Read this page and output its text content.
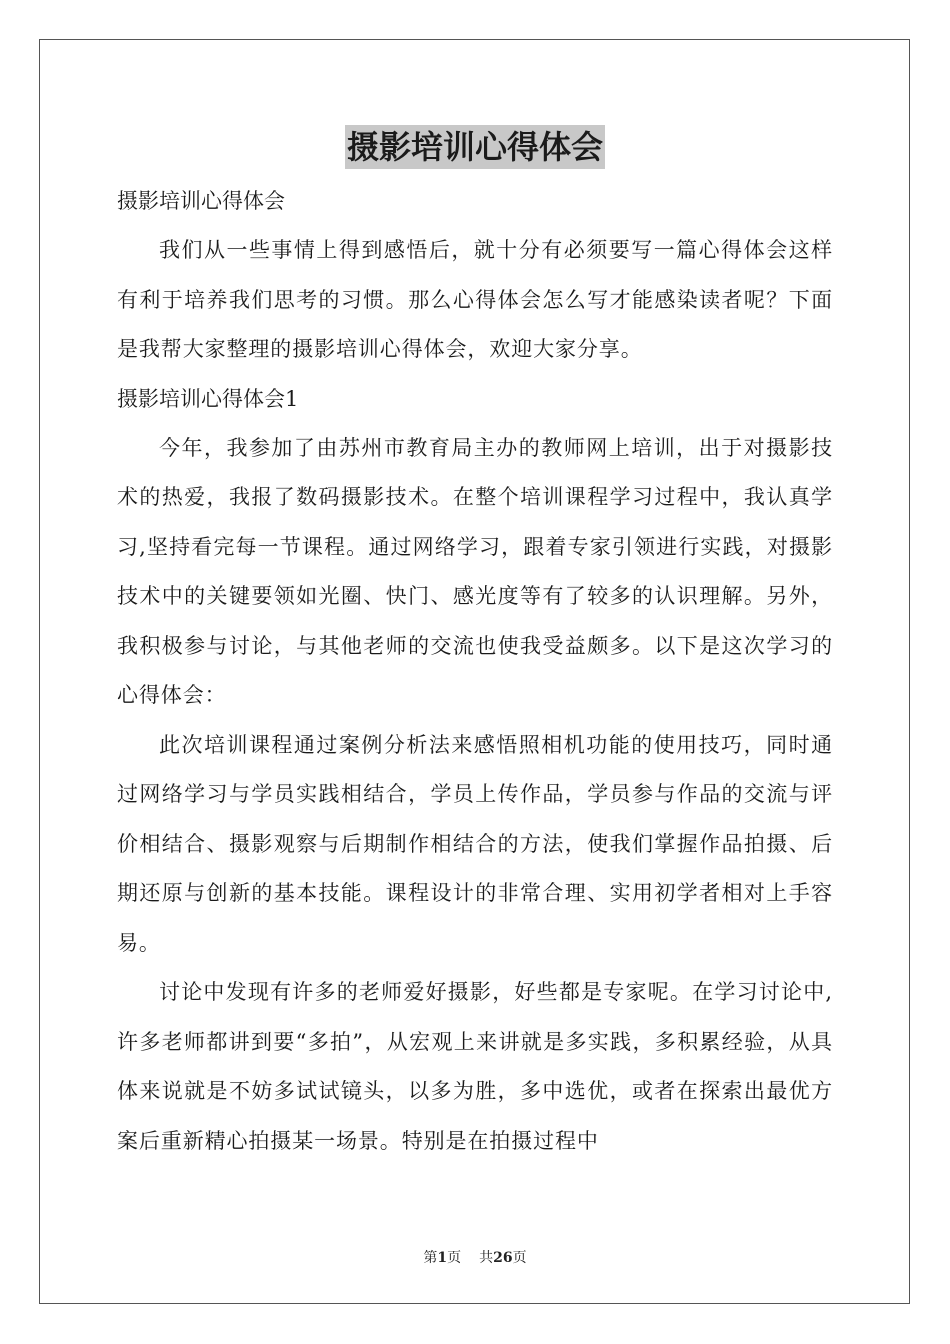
摄影培训心得体会

摄影培训心得体会

我们从一些事情上得到感悟后，就十分有必须要写一篇心得体会这样有利于培养我们思考的习惯。那么心得体会怎么写才能感染读者呢？下面是我帮大家整理的摄影培训心得体会，欢迎大家分享。

摄影培训心得体会1

今年，我参加了由苏州市教育局主办的教师网上培训，出于对摄影技术的热爱，我报了数码摄影技术。在整个培训课程学习过程中，我认真学习,坚持看完每一节课程。通过网络学习，跟着专家引领进行实践，对摄影技术中的关键要领如光圈、快门、感光度等有了较多的认识理解。另外，我积极参与讨论，与其他老师的交流也使我受益颇多。以下是这次学习的心得体会：

此次培训课程通过案例分析法来感悟照相机功能的使用技巧，同时通过网络学习与学员实践相结合，学员上传作品，学员参与作品的交流与评价相结合、摄影观察与后期制作相结合的方法，使我们掌握作品拍摄、后期还原与创新的基本技能。课程设计的非常合理、实用初学者相对上手容易。

讨论中发现有许多的老师爱好摄影，好些都是专家呢。在学习讨论中,许多老师都讲到要“多拍”，从宏观上来讲就是多实践，多积累经验，从具体来说就是不妨多试试镜头，以多为胜，多中选优，或者在探索出最优方案后重新精心拍摄某一场景。特别是在拍摄过程中

第1页 共26页
